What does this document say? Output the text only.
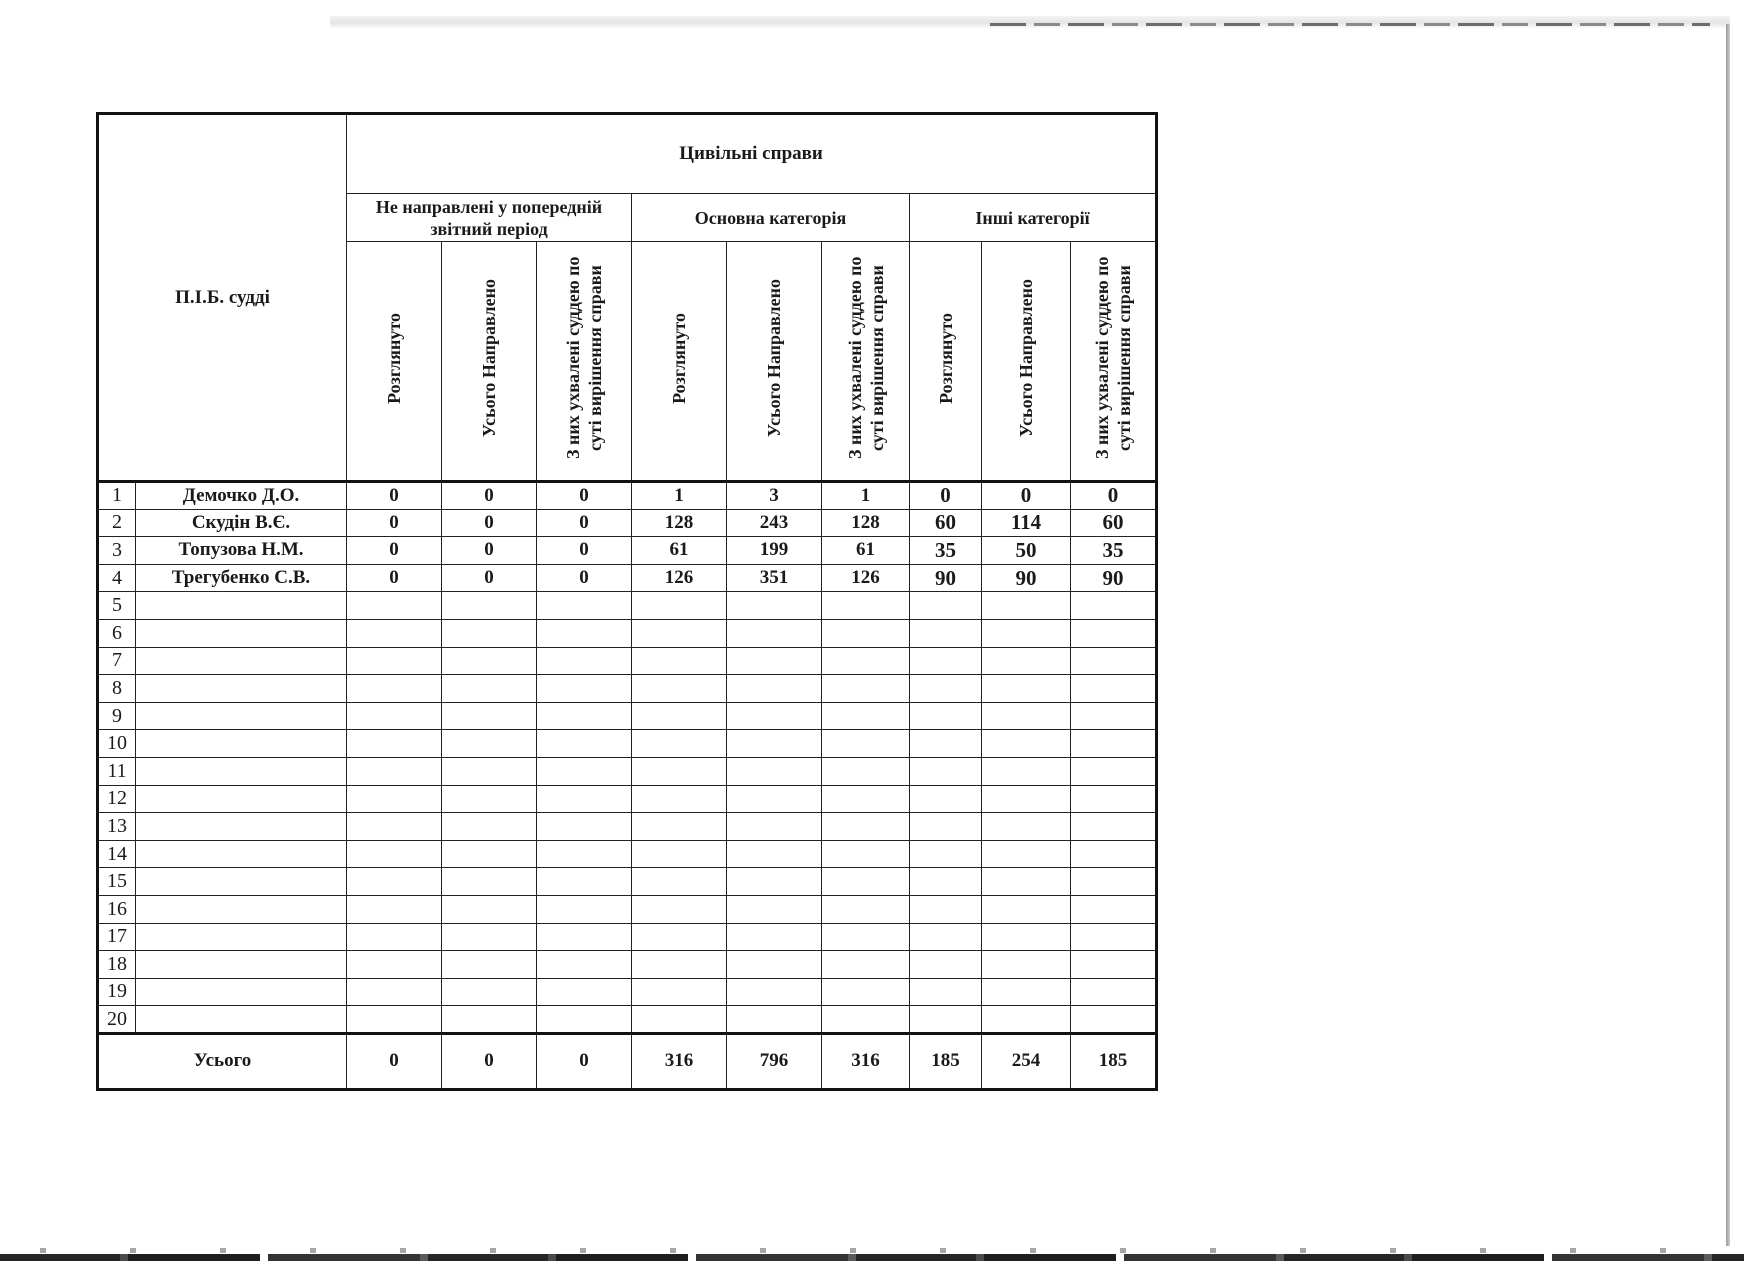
П.І.Б. судді		Цивільні справи								
		Не направлені у попередній звітний період			Основна категорія			Інші категорії		
		Розглянуто	Усього Направлено	З них ухвалені суддею по суті вирішення справи	Розглянуто	Усього Направлено	З них ухвалені суддею по суті вирішення справи	Розглянуто	Усього Направлено	З них ухвалені суддею по суті вирішення справи
1	Демочко Д.О.	0	0	0	1	3	1	0	0	0
2	Скудін В.Є.	0	0	0	128	243	128	60	114	60
3	Топузова Н.М.	0	0	0	61	199	61	35	50	35
4	Трегубенко С.В.	0	0	0	126	351	126	90	90	90
5										
6										
7										
8										
9										
10										
11										
12										
13										
14										
15										
16										
17										
18										
19										
20										
Усього		0	0	0	316	796	316	185	254	185
